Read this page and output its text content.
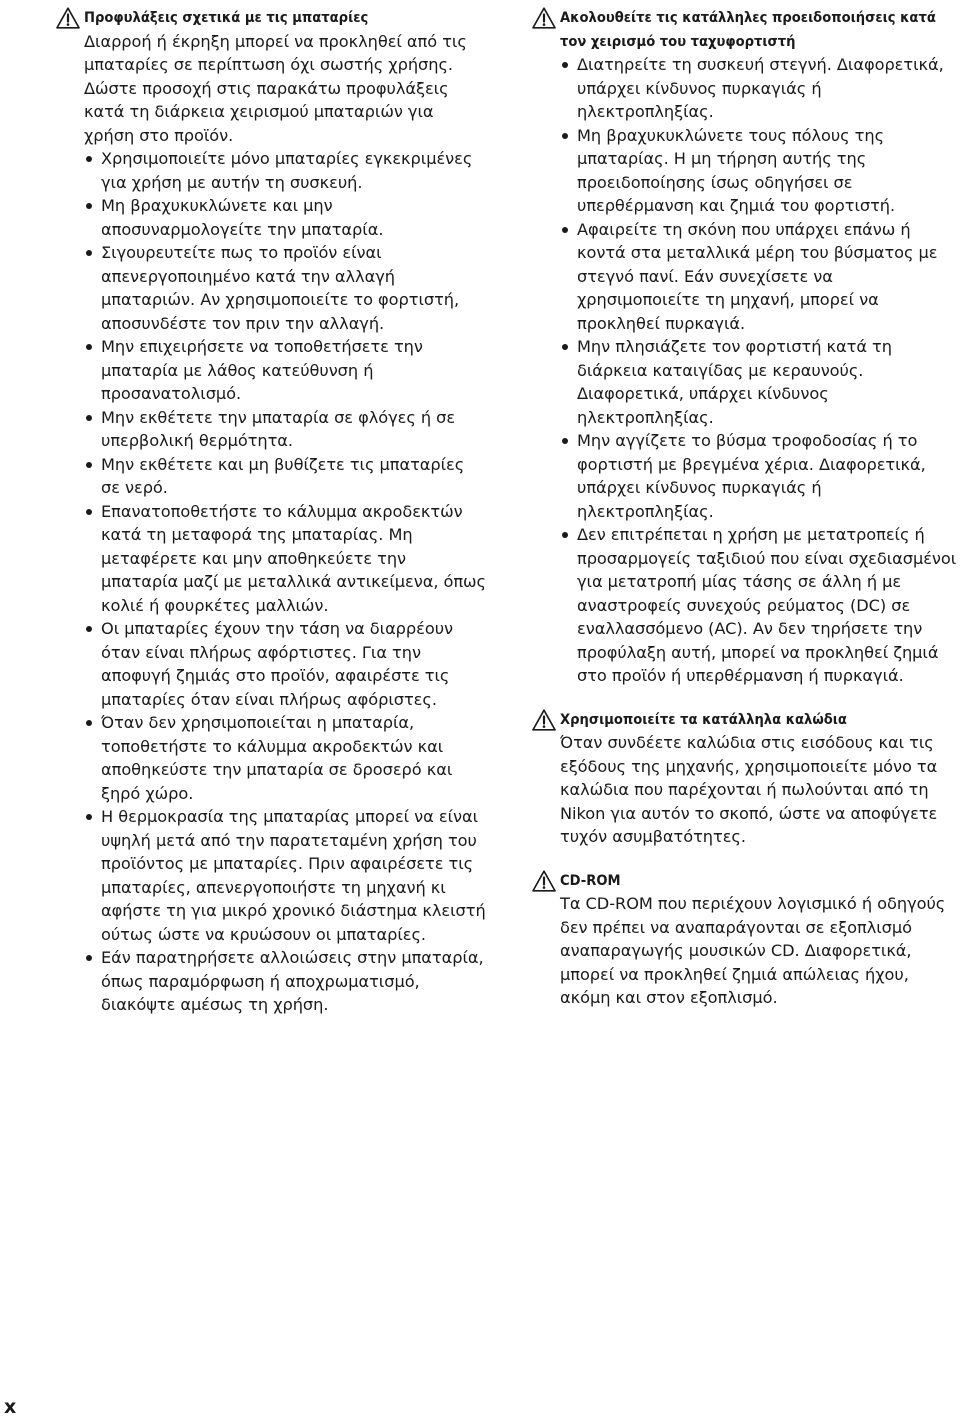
Προφυλάξεις σχετικά με τις μπαταρίες

Διαρροή ή έκρηξη μπορεί να προκληθεί από τις μπαταρίες σε περίπτωση όχι σωστής χρήσης. Δώστε προσοχή στις παρακάτω προφυλάξεις κατά τη διάρκεια χειρισμού μπαταριών για χρήση στο προϊόν.

Χρησιμοποιείτε μόνο μπαταρίες εγκεκριμένες για χρήση με αυτήν τη συσκευή.
Μη βραχυκυκλώνετε και μην αποσυναρμολογείτε την μπαταρία.
Σιγουρευτείτε πως το προϊόν είναι απενεργοποιημένο κατά την αλλαγή μπαταριών. Αν χρησιμοποιείτε το φορτιστή, αποσυνδέστε τον πριν την αλλαγή.
Μην επιχειρήσετε να τοποθετήσετε την μπαταρία με λάθος κατεύθυνση ή προσανατολισμό.
Μην εκθέτετε την μπαταρία σε φλόγες ή σε υπερβολική θερμότητα.
Μην εκθέτετε και μη βυθίζετε τις μπαταρίες σε νερό.
Επανατοποθετήστε το κάλυμμα ακροδεκτών κατά τη μεταφορά της μπαταρίας. Μη μεταφέρετε και μην αποθηκεύετε την μπαταρία μαζί με μεταλλικά αντικείμενα, όπως κολιέ ή φουρκέτες μαλλιών.
Οι μπαταρίες έχουν την τάση να διαρρέουν όταν είναι πλήρως αφόρτιστες. Για την αποφυγή ζημιάς στο προϊόν, αφαιρέστε τις μπαταρίες όταν είναι πλήρως αφόριστες.
Όταν δεν χρησιμοποιείται η μπαταρία, τοποθετήστε το κάλυμμα ακροδεκτών και αποθηκεύστε την μπαταρία σε δροσερό και ξηρό χώρο.
Η θερμοκρασία της μπαταρίας μπορεί να είναι υψηλή μετά από την παρατεταμένη χρήση του προϊόντος με μπαταρίες. Πριν αφαιρέσετε τις μπαταρίες, απενεργοποιήστε τη μηχανή κι αφήστε τη για μικρό χρονικό διάστημα κλειστή ούτως ώστε να κρυώσουν οι μπαταρίες.
Εάν παρατηρήσετε αλλοιώσεις στην μπαταρία, όπως παραμόρφωση ή αποχρωματισμό, διακόψτε αμέσως τη χρήση.
Ακολουθείτε τις κατάλληλες προειδοποιήσεις κατά τον χειρισμό του ταχυφορτιστή
Διατηρείτε τη συσκευή στεγνή. Διαφορετικά, υπάρχει κίνδυνος πυρκαγιάς ή ηλεκτροπληξίας.
Μη βραχυκυκλώνετε τους πόλους της μπαταρίας. Η μη τήρηση αυτής της προειδοποίησης ίσως οδηγήσει σε υπερθέρμανση και ζημιά του φορτιστή.
Αφαιρείτε τη σκόνη που υπάρχει επάνω ή κοντά στα μεταλλικά μέρη του βύσματος με στεγνό πανί. Εάν συνεχίσετε να χρησιμοποιείτε τη μηχανή, μπορεί να προκληθεί πυρκαγιά.
Μην πλησιάζετε τον φορτιστή κατά τη διάρκεια καταιγίδας με κεραυνούς. Διαφορετικά, υπάρχει κίνδυνος ηλεκτροπληξίας.
Μην αγγίζετε το βύσμα τροφοδοσίας ή το φορτιστή με βρεγμένα χέρια. Διαφορετικά, υπάρχει κίνδυνος πυρκαγιάς ή ηλεκτροπληξίας.
Δεν επιτρέπεται η χρήση με μετατροπείς ή προσαρμογείς ταξιδιού που είναι σχεδιασμένοι για μετατροπή μίας τάσης σε άλλη ή με αναστροφείς συνεχούς ρεύματος (DC) σε εναλλασσόμενο (AC). Αν δεν τηρήσετε την προφύλαξη αυτή, μπορεί να προκληθεί ζημιά στο προϊόν ή υπερθέρμανση ή πυρκαγιά.
Χρησιμοποιείτε τα κατάλληλα καλώδια

Όταν συνδέετε καλώδια στις εισόδους και τις εξόδους της μηχανής, χρησιμοποιείτε μόνο τα καλώδια που παρέχονται ή πωλούνται από τη Nikon για αυτόν το σκοπό, ώστε να αποφύγετε τυχόν ασυμβατότητες.

CD-ROM

Τα CD-ROM που περιέχουν λογισμικό ή οδηγούς δεν πρέπει να αναπαράγονται σε εξοπλισμό αναπαραγωγής μουσικών CD. Διαφορετικά, μπορεί να προκληθεί ζημιά απώλειας ήχου, ακόμη και στον εξοπλισμό.

x
